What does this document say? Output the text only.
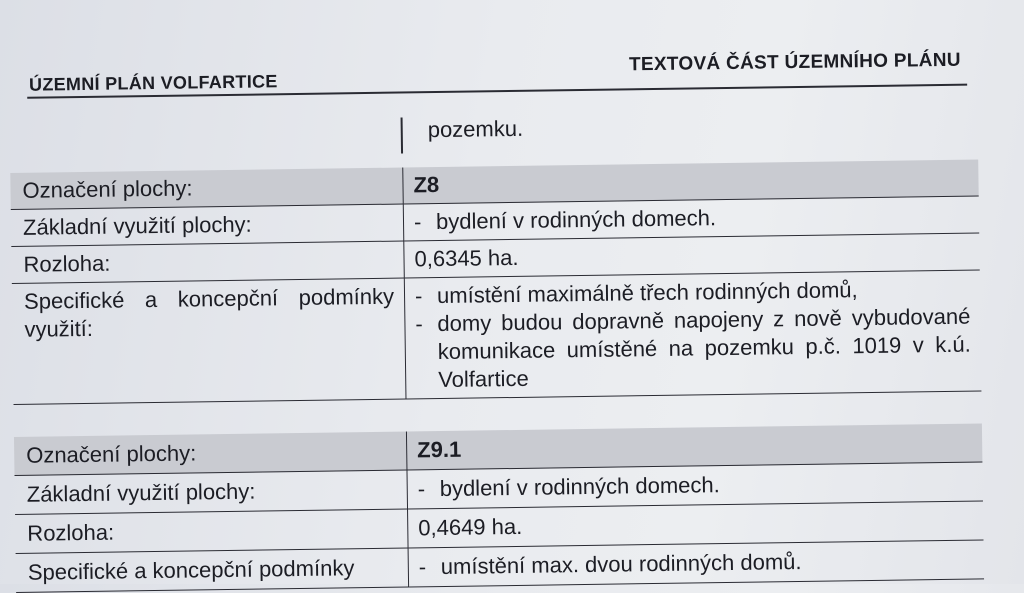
ÚZEMNÍ PLÁN VOLFARTICE
TEXTOVÁ ČÁST ÚZEMNÍHO PLÁNU
pozemku.
Označení plochy:	Z8
Základní využití plochy:	- bydlení v rodinných domech.
Rozloha:	0,6345 ha.
Specifické a koncepční podmínky využití:	- umístění maximálně třech rodinných domů,
- domy budou dopravně napojeny z nově vybudované komunikace umístěné na pozemku p.č. 1019 v k.ú. Volfartice
Označení plochy:	Z9.1
Základní využití plochy:	- bydlení v rodinných domech.
Rozloha:	0,4649 ha.
Specifické a koncepční podmínky	- umístění max. dvou rodinných domů.
